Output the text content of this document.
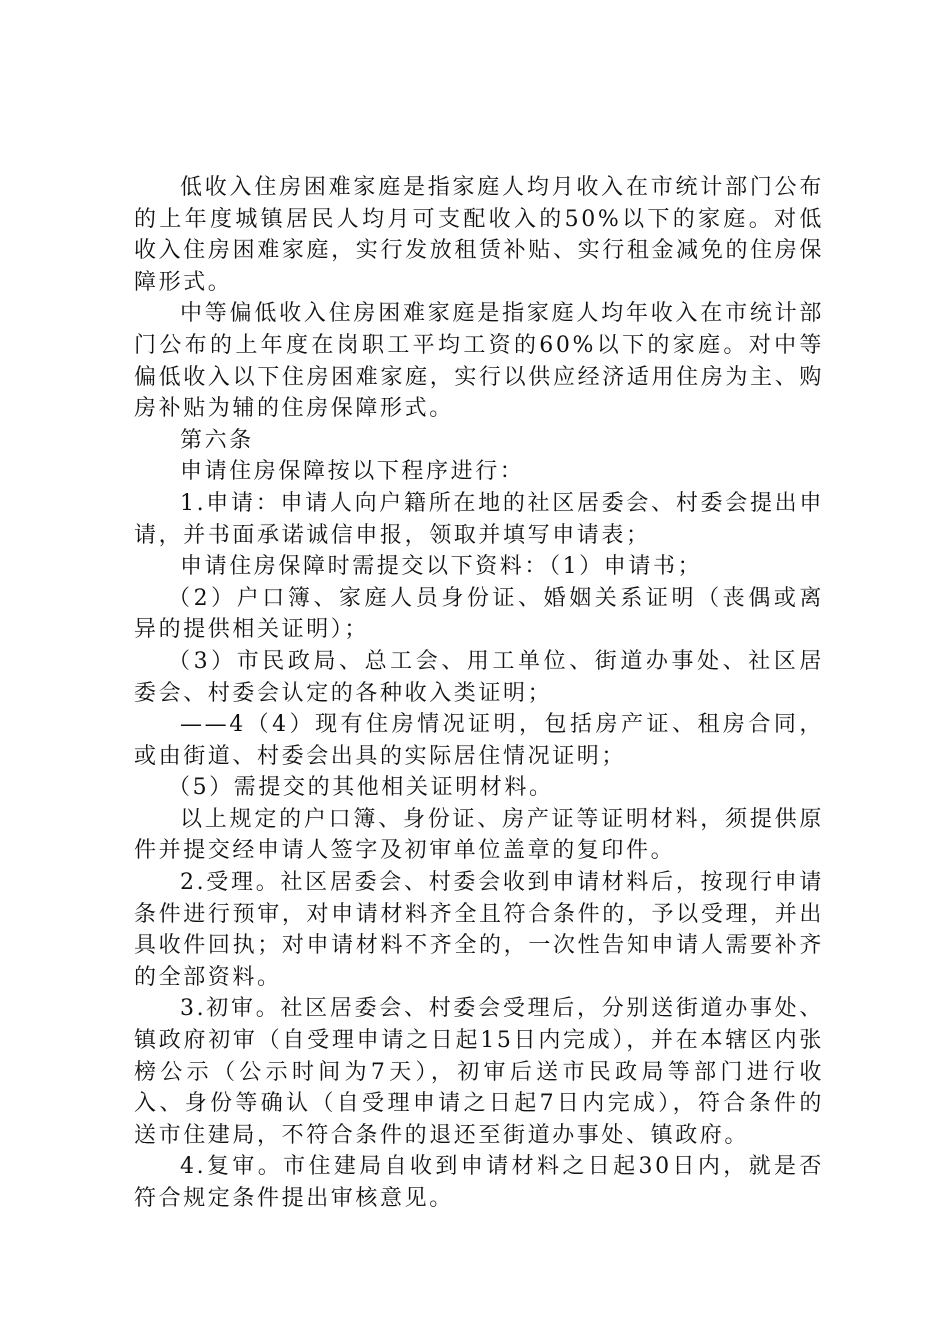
低收入住房困难家庭是指家庭人均月收入在市统计部门公布的上年度城镇居民人均月可支配收入的50%以下的家庭。对低收入住房困难家庭，实行发放租赁补贴、实行租金减免的住房保障形式。

中等偏低收入住房困难家庭是指家庭人均年收入在市统计部门公布的上年度在岗职工平均工资的60%以下的家庭。对中等偏低收入以下住房困难家庭，实行以供应经济适用住房为主、购房补贴为辅的住房保障形式。

第六条

申请住房保障按以下程序进行：

1.申请：申请人向户籍所在地的社区居委会、村委会提出申请，并书面承诺诚信申报，领取并填写申请表；

申请住房保障时需提交以下资料：（1）申请书；

（2）户口簿、家庭人员身份证、婚姻关系证明（丧偶或离异的提供相关证明）；

（3）市民政局、总工会、用工单位、街道办事处、社区居委会、村委会认定的各种收入类证明；

——4（4）现有住房情况证明，包括房产证、租房合同，或由街道、村委会出具的实际居住情况证明；

（5）需提交的其他相关证明材料。

以上规定的户口簿、身份证、房产证等证明材料，须提供原件并提交经申请人签字及初审单位盖章的复印件。

2.受理。社区居委会、村委会收到申请材料后，按现行申请条件进行预审，对申请材料齐全且符合条件的，予以受理，并出具收件回执；对申请材料不齐全的，一次性告知申请人需要补齐的全部资料。

3.初审。社区居委会、村委会受理后，分别送街道办事处、镇政府初审（自受理申请之日起15日内完成），并在本辖区内张榜公示（公示时间为7天），初审后送市民政局等部门进行收入、身份等确认（自受理申请之日起7日内完成），符合条件的送市住建局，不符合条件的退还至街道办事处、镇政府。

4.复审。市住建局自收到申请材料之日起30日内，就是否符合规定条件提出审核意见。
